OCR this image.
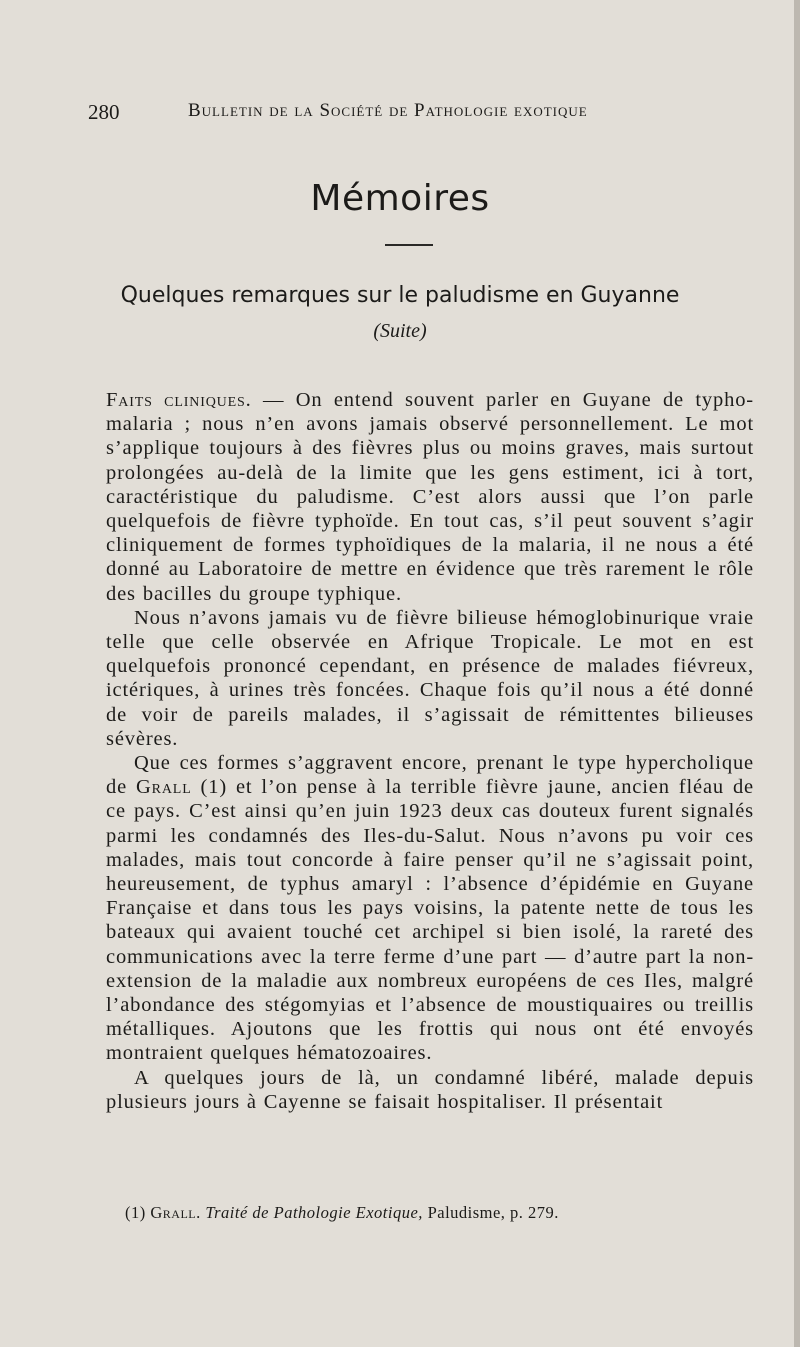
280	Bulletin de la Société de Pathologie exotique
Mémoires
Quelques remarques sur le paludisme en Guyanne
(Suite)

Faits cliniques. — On entend souvent parler en Guyane de typho-malaria ; nous n’en avons jamais observé personnellement. Le mot s’applique toujours à des fièvres plus ou moins graves, mais surtout prolongées au-delà de la limite que les gens estiment, ici à tort, caractéristique du paludisme. C’est alors aussi que l’on parle quelquefois de fièvre typhoïde. En tout cas, s’il peut souvent s’agir cliniquement de formes typhoïdiques de la malaria, il ne nous a été donné au Laboratoire de mettre en évidence que très rarement le rôle des bacilles du groupe typhique.

Nous n’avons jamais vu de fièvre bilieuse hémoglobinurique vraie telle que celle observée en Afrique Tropicale. Le mot en est quelquefois prononcé cependant, en présence de malades fiévreux, ictériques, à urines très foncées. Chaque fois qu’il nous a été donné de voir de pareils malades, il s’agissait de rémittentes bilieuses sévères.

Que ces formes s’aggravent encore, prenant le type hypercholique de Grall (1) et l’on pense à la terrible fièvre jaune, ancien fléau de ce pays. C’est ainsi qu’en juin 1923 deux cas douteux furent signalés parmi les condamnés des Iles-du-Salut. Nous n’avons pu voir ces malades, mais tout concorde à faire penser qu’il ne s’agissait point, heureusement, de typhus amaryl : l’absence d’épidémie en Guyane Française et dans tous les pays voisins, la patente nette de tous les bateaux qui avaient touché cet archipel si bien isolé, la rareté des communications avec la terre ferme d’une part — d’autre part la non-extension de la maladie aux nombreux européens de ces Iles, malgré l’abondance des stégomyias et l’absence de moustiquaires ou treillis métalliques. Ajoutons que les frottis qui nous ont été envoyés montraient quelques hématozoaires.

A quelques jours de là, un condamné libéré, malade depuis plusieurs jours à Cayenne se faisait hospitaliser. Il présentait

(1) Grall. Traité de Pathologie Exotique, Paludisme, p. 279.
